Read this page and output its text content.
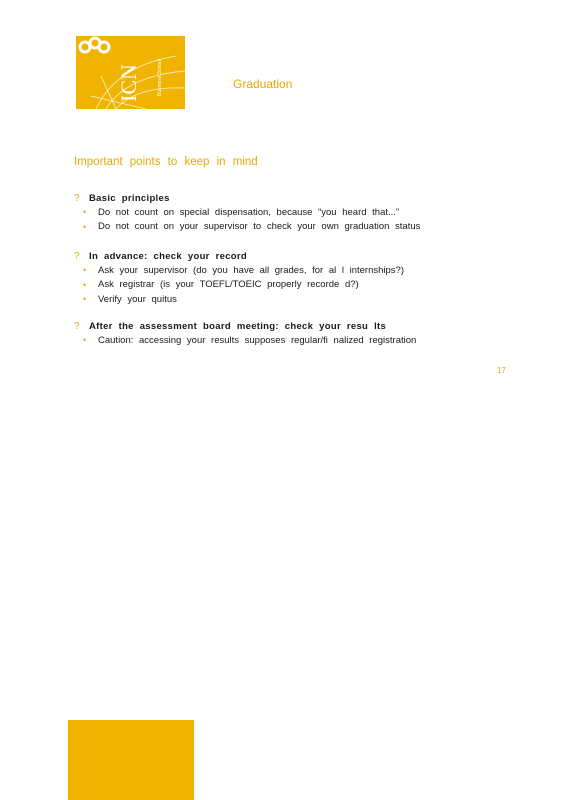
ICN	Business School	Graduation
Important points to keep in mind
? Basic principles
•	Do not count on special dispensation, because “you heard that...”
•	Do not count on your supervisor to check your own graduation status
? In advance: check your record
•	Ask your supervisor (do you have all grades, for al l internships?)
•	Ask registrar (is your TOEFL/TOEIC properly recorde d?)
•	Verify your quitus
? After the assessment board meeting: check your resu lts
•	Caution: accessing your results supposes regular/fi nalized registration
17
